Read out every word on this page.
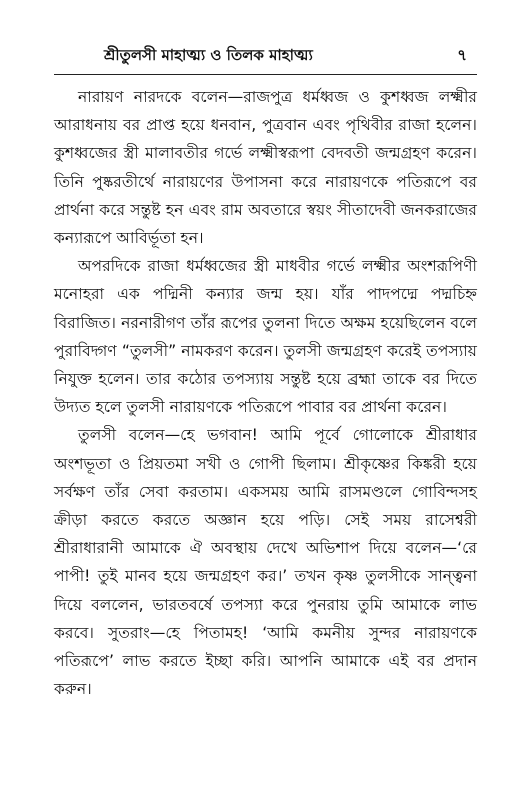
শ্রীতুলসী মাহাত্ম্য ও তিলক মাহাত্ম্য	৭

নারায়ণ নারদকে বলেন—রাজপুত্র ধর্মধ্বজ ও কুশধ্বজ লক্ষ্মীর আরাধনায় বর প্রাপ্ত হয়ে ধনবান, পুত্রবান এবং পৃথিবীর রাজা হলেন। কুশধ্বজের স্ত্রী মালাবতীর গর্ভে লক্ষ্মীস্বরূপা বেদবতী জন্মগ্রহণ করেন। তিনি পুষ্করতীর্থে নারায়ণের উপাসনা করে নারায়ণকে পতিরূপে বর প্রার্থনা করে সন্তুষ্ট হন এবং রাম অবতারে স্বয়ং সীতাদেবী জনকরাজের কন্যারূপে আবির্ভূতা হন।

অপরদিকে রাজা ধর্মধ্বজের স্ত্রী মাধবীর গর্ভে লক্ষ্মীর অংশরূপিণী মনোহরা এক পদ্মিনী কন্যার জন্ম হয়। যাঁর পাদপদ্মে পদ্মচিহ্ন বিরাজিত। নরনারীগণ তাঁর রূপের তুলনা দিতে অক্ষম হয়েছিলেন বলে পুরাবিদ্গণ “তুলসী” নামকরণ করেন। তুলসী জন্মগ্রহণ করেই তপস্যায় নিযুক্ত হলেন। তার কঠোর তপস্যায় সন্তুষ্ট হয়ে ব্রহ্মা তাকে বর দিতে উদ্যত হলে তুলসী নারায়ণকে পতিরূপে পাবার বর প্রার্থনা করেন।

তুলসী বলেন—হে ভগবান! আমি পূর্বে গোলোকে শ্রীরাধার অংশভূতা ও প্রিয়তমা সখী ও গোপী ছিলাম। শ্রীকৃষ্ণের কিঙ্করী হয়ে সর্বক্ষণ তাঁর সেবা করতাম। একসময় আমি রাসমণ্ডলে গোবিন্দসহ ক্রীড়া করতে করতে অজ্ঞান হয়ে পড়ি। সেই সময় রাসেশ্বরী শ্রীরাধারানী আমাকে ঐ অবস্থায় দেখে অভিশাপ দিয়ে বলেন—‘রে পাপী! তুই মানব হয়ে জন্মগ্রহণ কর।’ তখন কৃষ্ণ তুলসীকে সান্ত্বনা দিয়ে বললেন, ভারতবর্ষে তপস্যা করে পুনরায় তুমি আমাকে লাভ করবে। সুতরাং—হে পিতামহ! ‘আমি কমনীয় সুন্দর নারায়ণকে পতিরূপে’ লাভ করতে ইচ্ছা করি। আপনি আমাকে এই বর প্রদান করুন।
